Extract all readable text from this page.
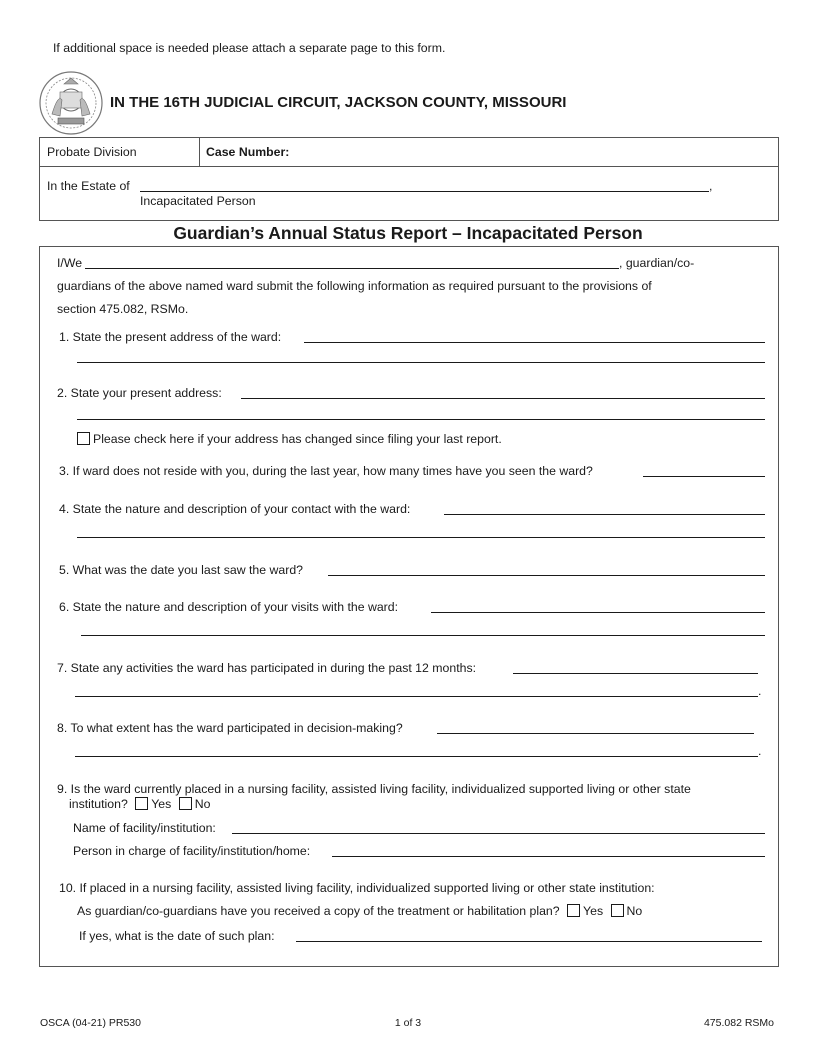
If additional space is needed please attach a separate page to this form.
IN THE 16TH JUDICIAL CIRCUIT, JACKSON COUNTY, MISSOURI
Probate Division	Case Number:
In the Estate of	,
Incapacitated Person
Guardian’s Annual Status Report – Incapacitated Person
I/We	, guardian/co-
guardians of the above named ward submit the following information as required pursuant to the provisions of
section 475.082, RSMo.
1. State the present address of the ward:
2. State your present address:
Please check here if your address has changed since filing your last report.
3. If ward does not reside with you, during the last year, how many times have you seen the ward?
4. State the nature and description of your contact with the ward:
5. What was the date you last saw the ward?
6. State the nature and description of your visits with the ward:
7. State any activities the ward has participated in during the past 12 months:
.
8. To what extent has the ward participated in decision-making?
.
9. Is the ward currently placed in a nursing facility, assisted living facility, individualized supported living or other state
institution? Yes No
Name of facility/institution:
Person in charge of facility/institution/home:
10. If placed in a nursing facility, assisted living facility, individualized supported living or other state institution:
As guardian/co-guardians have you received a copy of the treatment or habilitation plan? Yes No
If yes, what is the date of such plan:
OSCA (04-21) PR530	1 of 3	475.082 RSMo
